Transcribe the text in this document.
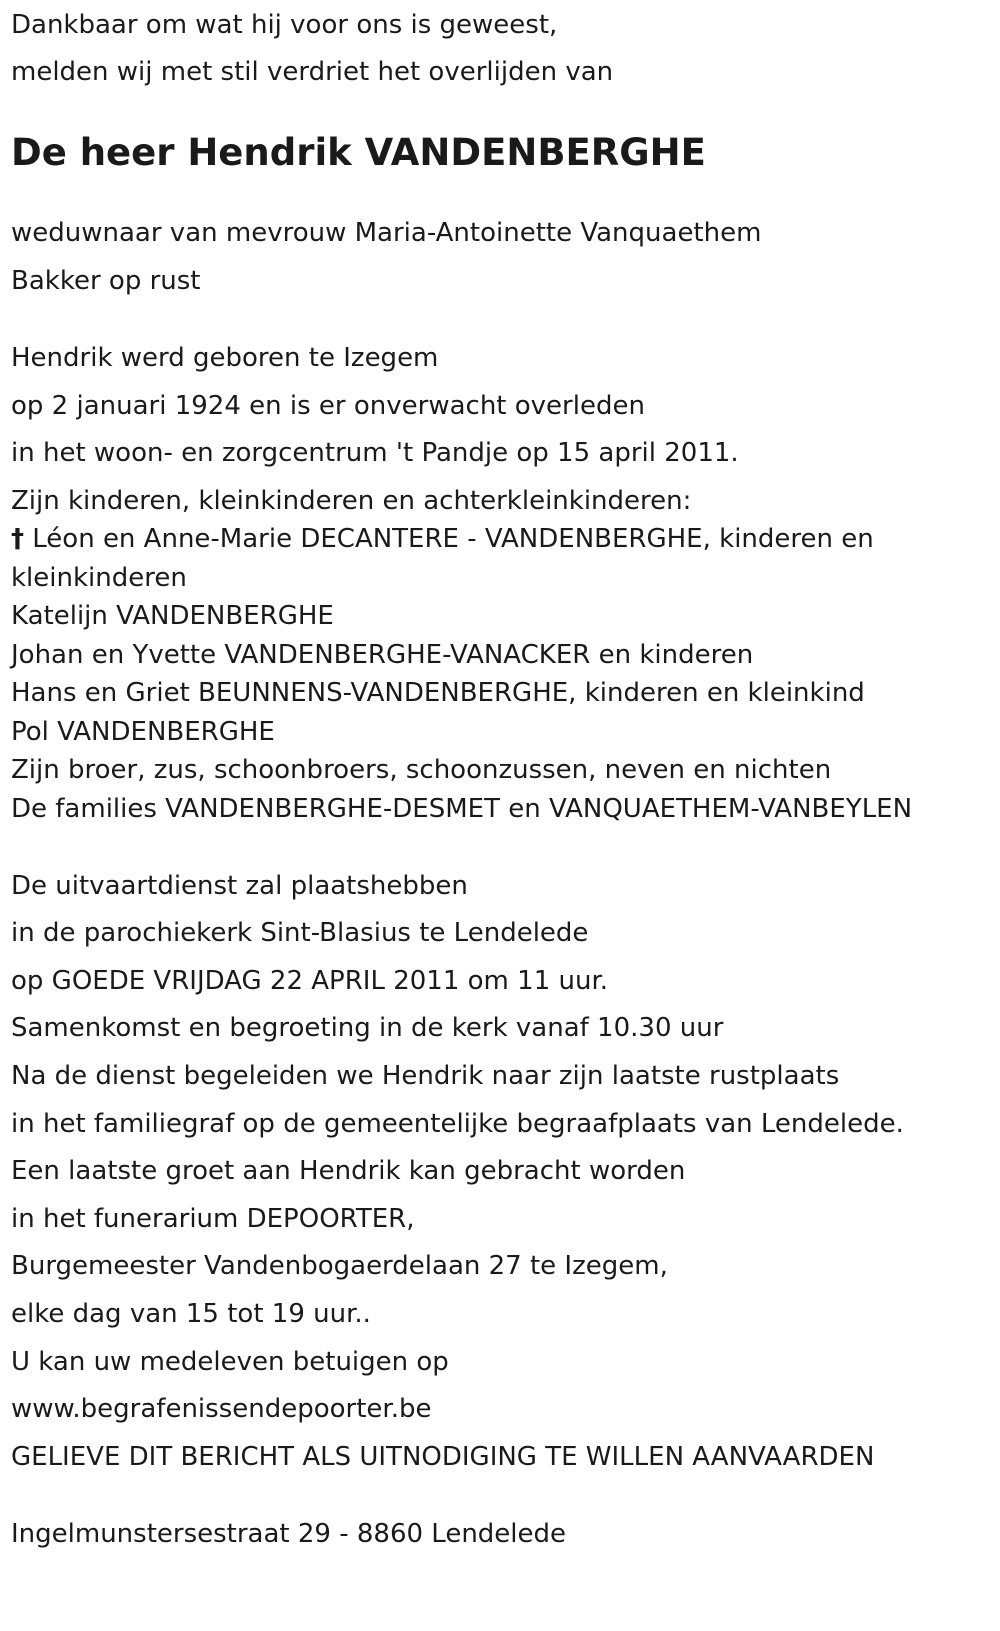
Dankbaar om wat hij voor ons is geweest,
melden wij met stil verdriet het overlijden van
De heer Hendrik VANDENBERGHE
weduwnaar van mevrouw Maria-Antoinette Vanquaethem
Bakker op rust
Hendrik werd geboren te Izegem
op 2 januari 1924 en is er onverwacht overleden
in het woon- en zorgcentrum 't Pandje op 15 april 2011.
Zijn kinderen, kleinkinderen en achterkleinkinderen:
† Léon en Anne-Marie DECANTERE - VANDENBERGHE, kinderen en
kleinkinderen
Katelijn VANDENBERGHE
Johan en Yvette VANDENBERGHE-VANACKER en kinderen
Hans en Griet BEUNNENS-VANDENBERGHE, kinderen en kleinkind
Pol VANDENBERGHE
Zijn broer, zus, schoonbroers, schoonzussen, neven en nichten
De families VANDENBERGHE-DESMET en VANQUAETHEM-VANBEYLEN
De uitvaartdienst zal plaatshebben
in de parochiekerk Sint-Blasius te Lendelede
op GOEDE VRIJDAG 22 APRIL 2011 om 11 uur.
Samenkomst en begroeting in de kerk vanaf 10.30 uur
Na de dienst begeleiden we Hendrik naar zijn laatste rustplaats
in het familiegraf op de gemeentelijke begraafplaats van Lendelede.
Een laatste groet aan Hendrik kan gebracht worden
in het funerarium DEPOORTER,
Burgemeester Vandenbogaerdelaan 27 te Izegem,
elke dag van 15 tot 19 uur..
U kan uw medeleven betuigen op
www.begrafenissendepoorter.be
GELIEVE DIT BERICHT ALS UITNODIGING TE WILLEN AANVAARDEN
Ingelmunstersestraat 29 - 8860 Lendelede
